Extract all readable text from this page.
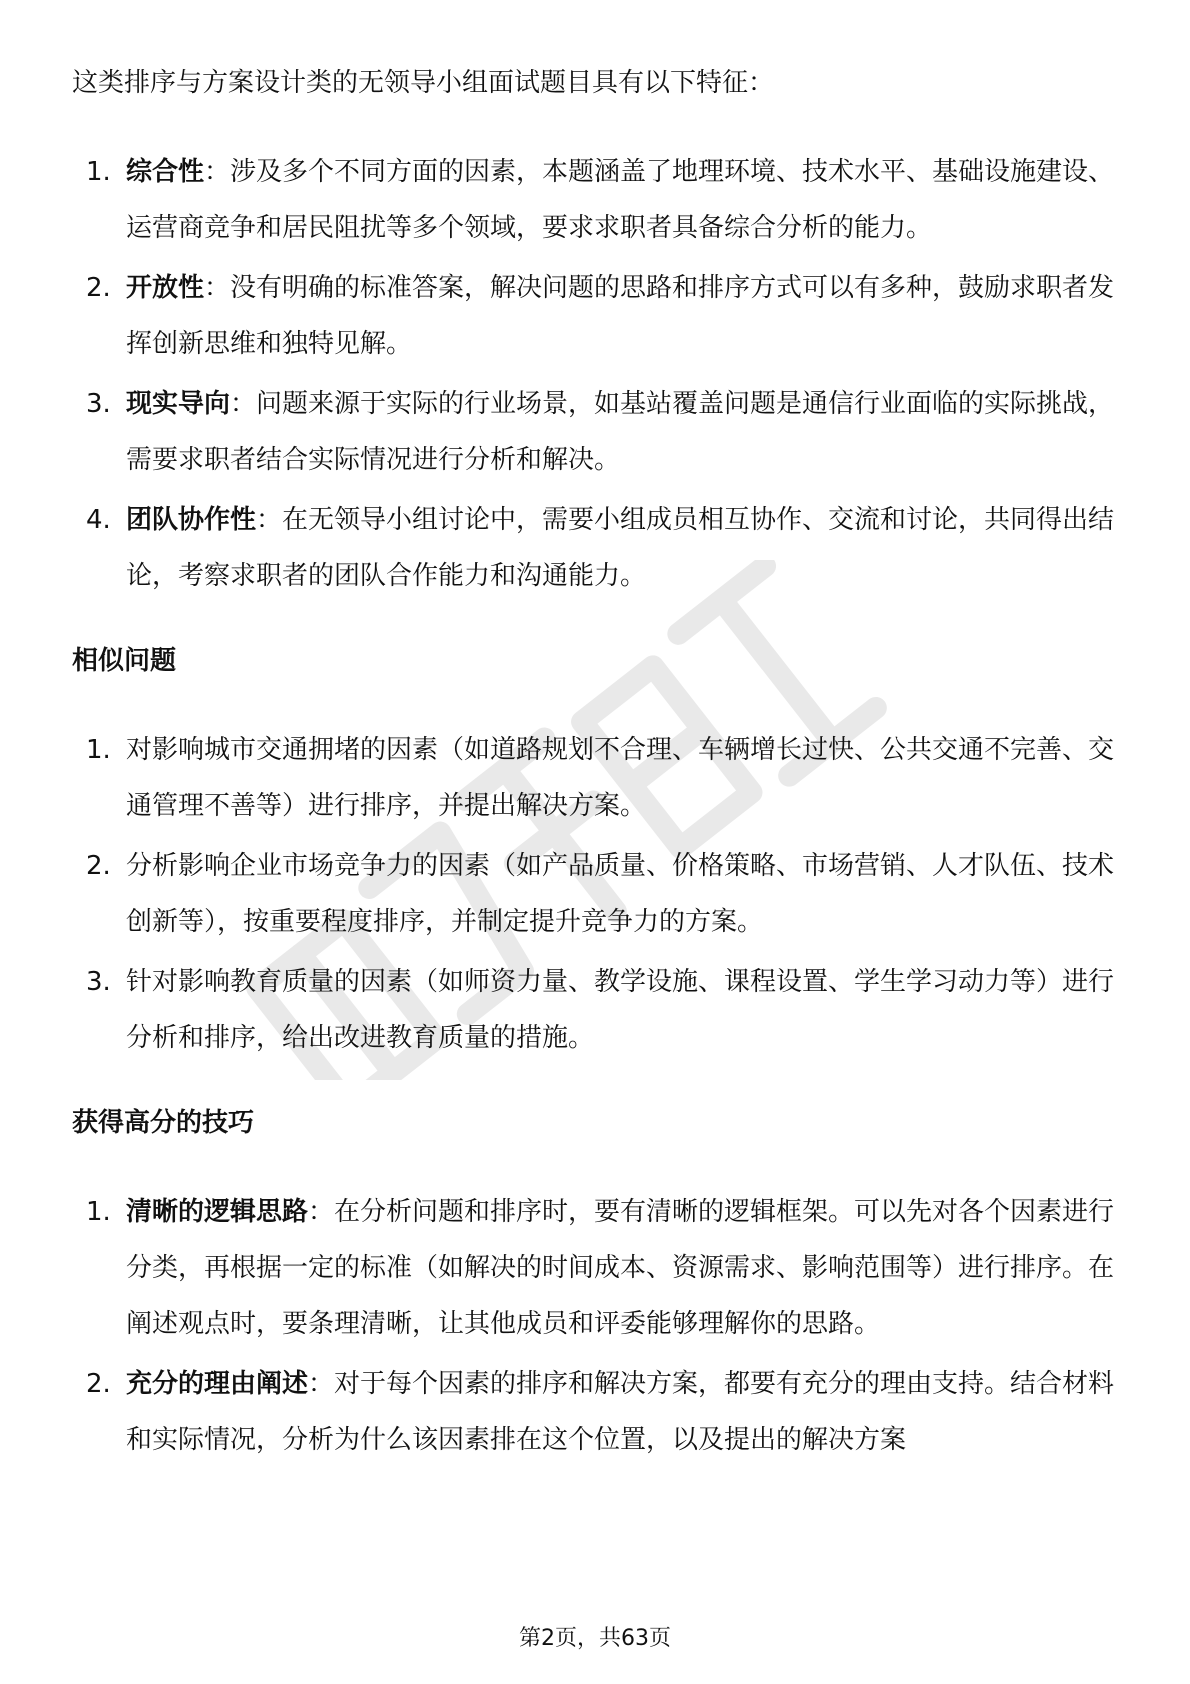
这类排序与方案设计类的无领导小组面试题目具有以下特征：

1. 综合性：涉及多个不同方面的因素，本题涵盖了地理环境、技术水平、基础设施建设、运营商竞争和居民阻扰等多个领域，要求求职者具备综合分析的能力。
2. 开放性：没有明确的标准答案，解决问题的思路和排序方式可以有多种，鼓励求职者发挥创新思维和独特见解。
3. 现实导向：问题来源于实际的行业场景，如基站覆盖问题是通信行业面临的实际挑战，需要求职者结合实际情况进行分析和解决。
4. 团队协作性：在无领导小组讨论中，需要小组成员相互协作、交流和讨论，共同得出结论，考察求职者的团队合作能力和沟通能力。
相似问题
1. 对影响城市交通拥堵的因素（如道路规划不合理、车辆增长过快、公共交通不完善、交通管理不善等）进行排序，并提出解决方案。
2. 分析影响企业市场竞争力的因素（如产品质量、价格策略、市场营销、人才队伍、技术创新等），按重要程度排序，并制定提升竞争力的方案。
3. 针对影响教育质量的因素（如师资力量、教学设施、课程设置、学生学习动力等）进行分析和排序，给出改进教育质量的措施。
获得高分的技巧
1. 清晰的逻辑思路：在分析问题和排序时，要有清晰的逻辑框架。可以先对各个因素进行分类，再根据一定的标准（如解决的时间成本、资源需求、影响范围等）进行排序。在阐述观点时，要条理清晰，让其他成员和评委能够理解你的思路。
2. 充分的理由阐述：对于每个因素的排序和解决方案，都要有充分的理由支持。结合材料和实际情况，分析为什么该因素排在这个位置，以及提出的解决方案
第2页，共63页
